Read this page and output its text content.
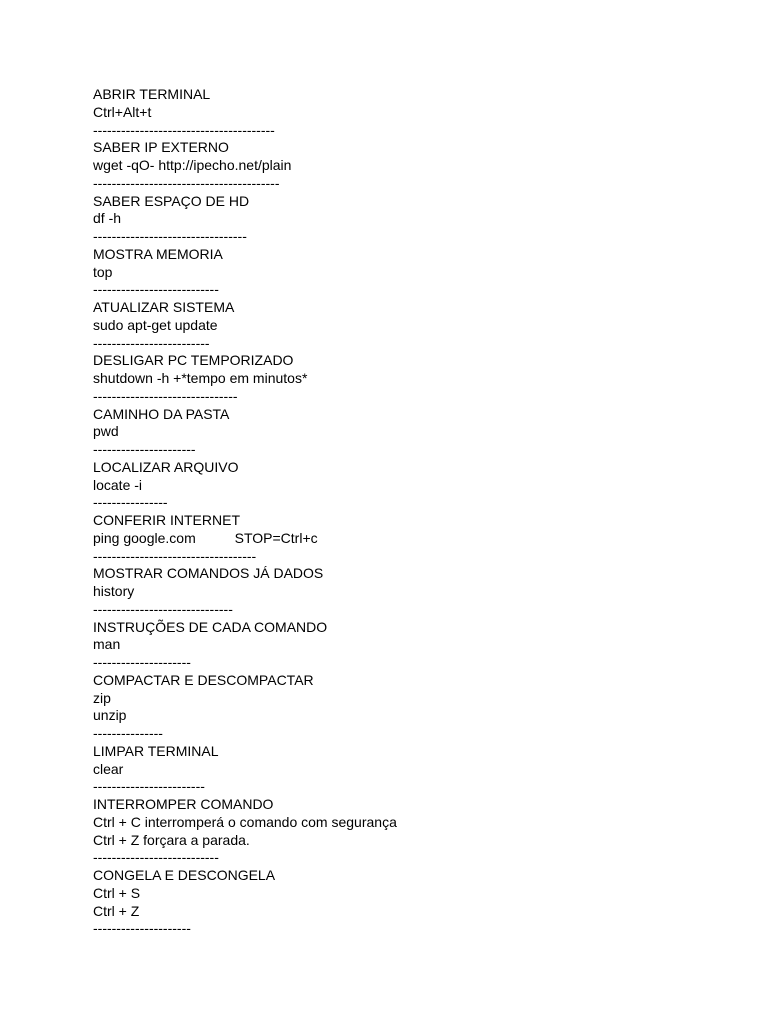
ABRIR TERMINAL
Ctrl+Alt+t
---------------------------------------
SABER IP EXTERNO
wget -qO- http://ipecho.net/plain
----------------------------------------
SABER ESPAÇO DE HD
df -h
---------------------------------
MOSTRA MEMORIA
top
---------------------------
ATUALIZAR SISTEMA
sudo apt-get update
-------------------------
DESLIGAR PC TEMPORIZADO
shutdown -h +*tempo em minutos*
-------------------------------
CAMINHO DA PASTA
pwd
----------------------
LOCALIZAR ARQUIVO
locate -i
----------------
CONFERIR INTERNET
ping google.com          STOP=Ctrl+c
-----------------------------------
MOSTRAR COMANDOS JÁ DADOS
history
------------------------------
INSTRUÇÕES DE CADA COMANDO
man
---------------------
COMPACTAR E DESCOMPACTAR
zip
unzip
---------------
LIMPAR TERMINAL
clear
------------------------
INTERROMPER COMANDO
Ctrl + C interromperá o comando com segurança
Ctrl + Z forçara a parada.
---------------------------
CONGELA E DESCONGELA
Ctrl + S
Ctrl + Z
---------------------
